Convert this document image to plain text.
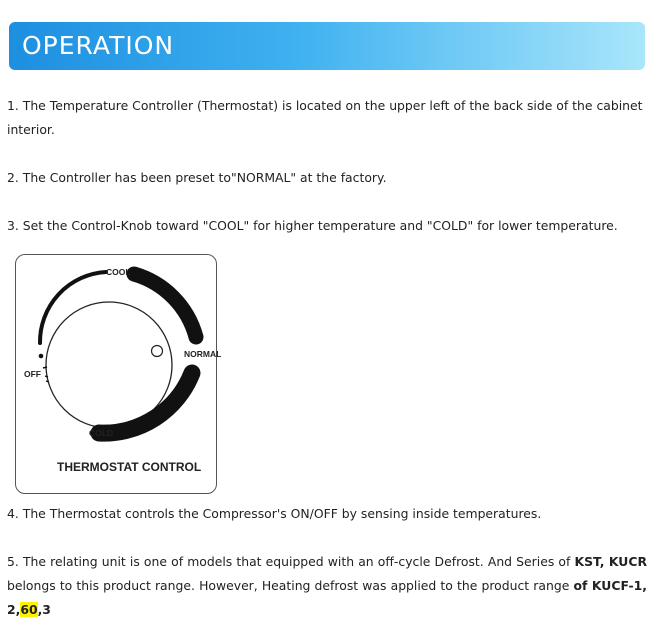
OPERATION

1. The Temperature Controller (Thermostat) is located on the upper left of the back side of the cabinet interior.

2. The Controller has been preset to"NORMAL" at the factory.

3. Set the Control-Knob toward "COOL" for higher temperature and "COLD" for lower temperature.

COOL
NORMAL
OFF
COLD
THERMOSTAT CONTROL

4. The Thermostat controls the Compressor's ON/OFF by sensing inside temperatures.

5. The relating unit is one of models that equipped with an off-cycle Defrost. And Series of KST, KUCR belongs to this product range. However, Heating defrost was applied to the product range of KUCF-1, 2,60,3
